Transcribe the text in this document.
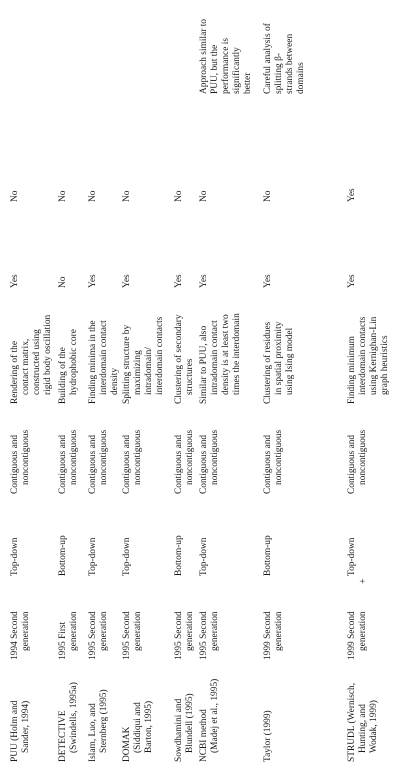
PUU (Holm and Sander, 1994)
1994 Second generation
Top-down
Contiguous and noncontiguous
Rendering of the contact matrix, constructed using rigid body oscillation
Yes
No
DETECTIVE (Swindells, 1995a)
1995 First generation
Bottom-up
Contiguous and noncontiguous
Building of the hydrophobic core
No
No
Islam, Luo, and Sternberg (1995)
1995 Second generation
Top-down
Contiguous and noncontiguous
Finding minima in the interdomain contact density
Yes
No
DOMAK (Siddiqui and Barton, 1995)
1995 Second generation
Top-down
Contiguous and noncontiguous
Splitting structure by maximizing intradomain/ interdomain contacts
Yes
No
Sowdhamini and Blundell (1995)
1995 Second generation
Bottom-up
Contiguous and noncontiguous
Clustering of secondary structures
Yes
No
NCBI method (Madej et al., 1995)
1995 Second generation
Top-down
Contiguous and noncontiguous
Similar to PUU, also intradomain contact density is at least two times the interdomain
Yes
No
Approach similar to PUU, but the performance is significantly better
Taylor (1999)
1999 Second generation
Bottom-up
Contiguous and noncontiguous
Clustering of residues in spatial proximity using Ising model
Yes
No
Careful analysis of splitting β- strands between domains
STRUDL (Wernisch, Hunting, and Wodak, 1999)
1999 Second generation
Top-down
Contiguous and noncontiguous
Finding minimum interdomain contacts using Kernighan-Lin graph heuristics
Yes
Yes
+
